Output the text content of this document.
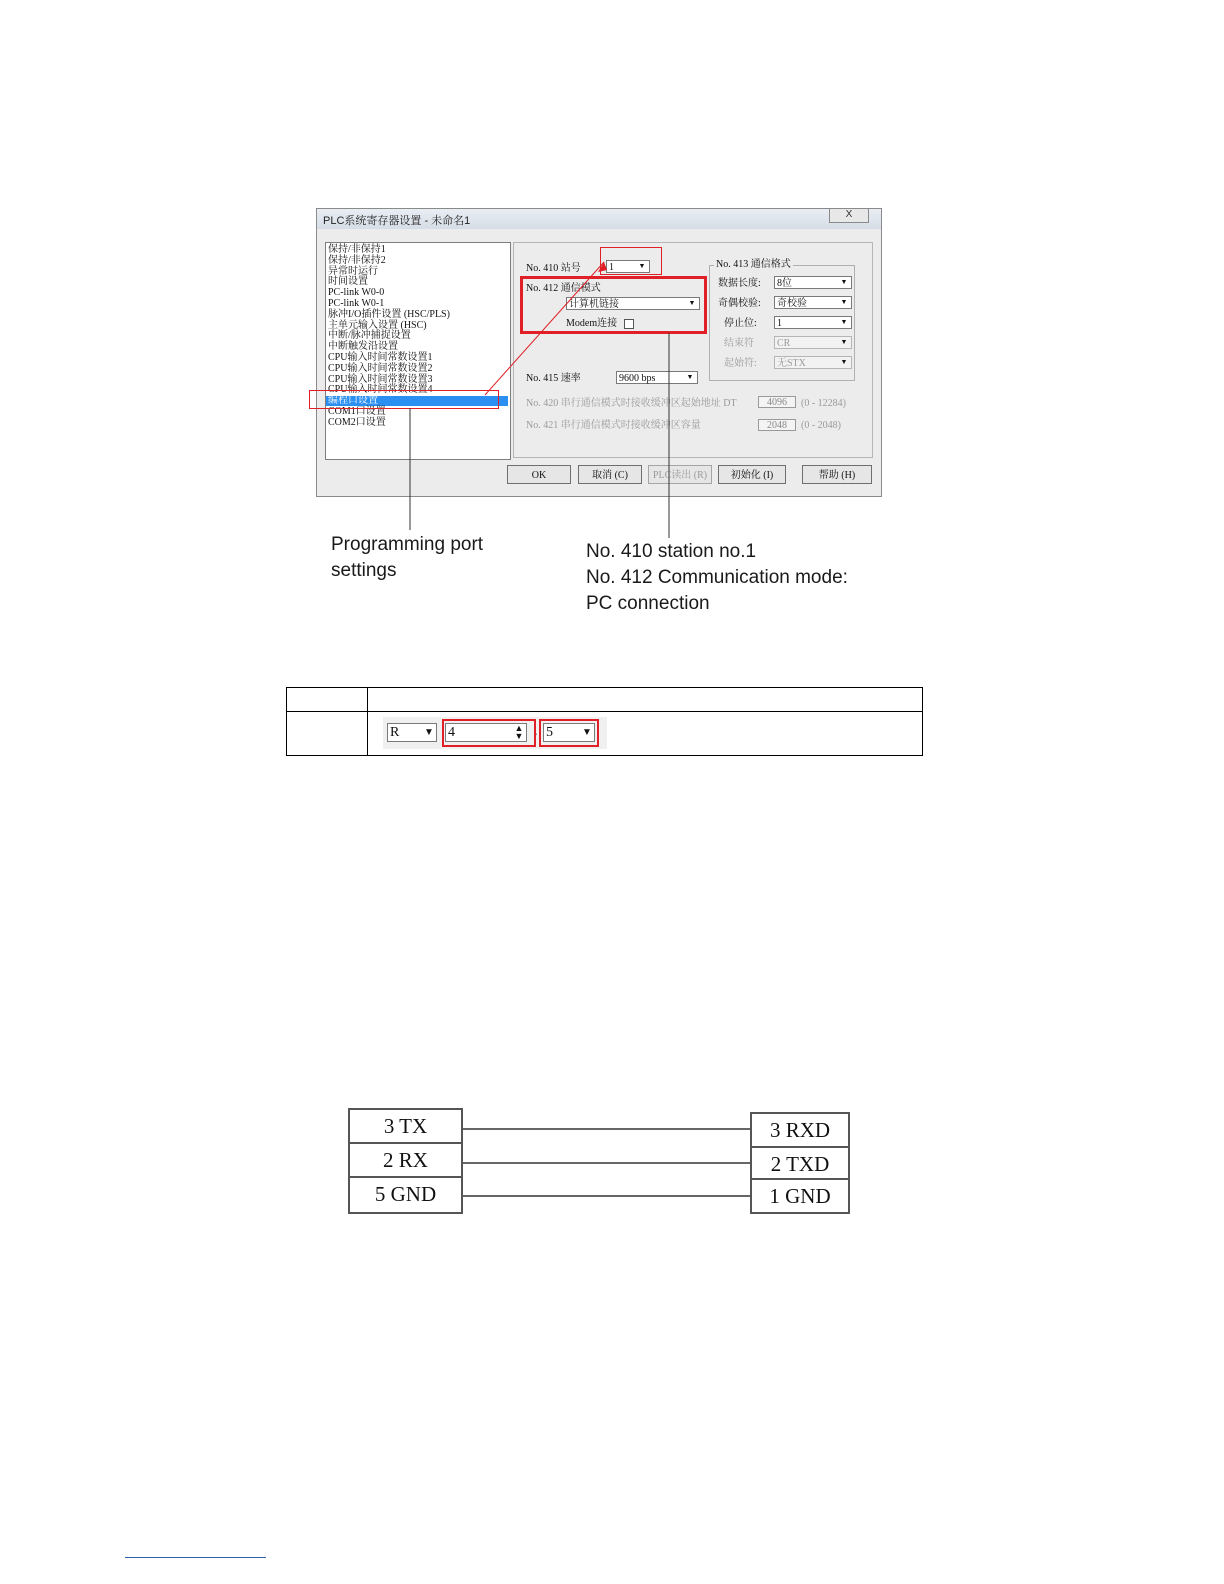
PLC系统寄存器设置 - 未命名1
X
保持/非保持1
保持/非保持2
异常时运行
时间设置
PC-link W0-0
PC-link W0-1
脉冲I/O插件设置 (HSC/PLS)
主单元输入设置 (HSC)
中断/脉冲捕捉设置
中断触发沿设置
CPU输入时间常数设置1
CPU输入时间常数设置2
CPU输入时间常数设置3
CPU输入时间常数设置4
编程口设置
COM1口设置
COM2口设置
No. 410 站号	1	▼
No. 412 通信模式
计算机链接	▼
Modem连接
No. 415 速率	9600 bps	▼
No. 420 串行通信模式时接收缓冲区起始地址 DT	4096	(0 - 12284)
No. 421 串行通信模式时接收缓冲区容量	2048	(0 - 2048)
No. 413 通信格式
数据长度:	8位	▼
奇偶校验:	奇校验	▼
停止位:	1	▼
结束符	CR	▼
起始符:	无STX	▼
OK	取消 (C)	PLC读出 (R)	初始化 (I)	帮助 (H)
Programming port
settings
No. 410 station no.1
No. 412 Communication mode:
PC connection
R ▼ 4	▲
▼ . 5	▼
3 TX
2 RX
5 GND
3 RXD
2 TXD
1 GND
